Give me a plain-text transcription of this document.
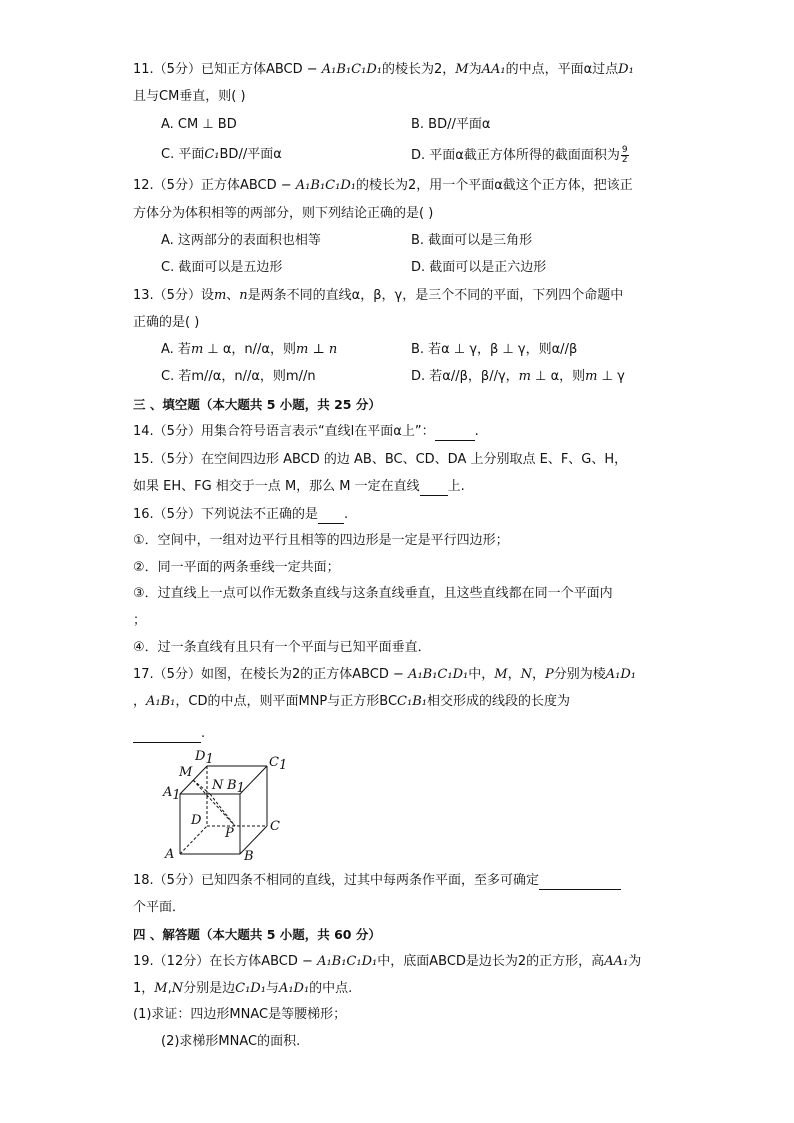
11.（5分）已知正方体ABCD − A₁B₁C₁D₁的棱长为2，M为AA₁的中点，平面α过点D₁
且与CM垂直，则( )
A. CM ⊥ BD	B. BD//平面α
C. 平面C₁BD//平面α	D. 平面α截正方体所得的截面面积为 $\frac{9}{2}$
12.（5分）正方体ABCD − A₁B₁C₁D₁的棱长为2，用一个平面α截这个正方体，把该正
方体分为体积相等的两部分，则下列结论正确的是( )
A. 这两部分的表面积也相等	B. 截面可以是三角形
C. 截面可以是五边形	D. 截面可以是正六边形
13.（5分）设m、n是两条不同的直线α，β，γ，是三个不同的平面，下列四个命题中
正确的是( )
A. 若m ⊥ α，n//α，则m ⊥ n	B. 若α ⊥ γ，β ⊥ γ，则α//β
C. 若m//α，n//α，则m//n	D. 若α//β，β//γ，m ⊥ α，则m ⊥ γ
三 、填空题（本大题共 5 小题，共 25 分）
14.（5分）用集合符号语言表示“直线l在平面α上”：	.
15.（5分）在空间四边形 ABCD 的边 AB、BC、CD、DA 上分别取点 E、F、G、H，
如果 EH、FG 相交于一点 M，那么 M 一定在直线 上.
16.（5分）下列说法不正确的是 .
①．空间中，一组对边平行且相等的四边形是一定是平行四边形；
②．同一平面的两条垂线一定共面；
③．过直线上一点可以作无数条直线与这条直线垂直，且这些直线都在同一个平面内
；
④．过一条直线有且只有一个平面与已知平面垂直．
17.（5分）如图，在棱长为2的正方体ABCD − A₁B₁C₁D₁中，M，N，P分别为棱A₁D₁
，A₁B₁，CD的中点，则平面MNP与正方形BCC₁B₁相交形成的线段的长度为
.
D1
M
N B1
C1
A1
D
P	C
A	B
18.（5分）已知四条不相同的直线，过其中每两条作平面，至多可确定
个平面．
四 、解答题（本大题共 5 小题，共 60 分）
19.（12分）在长方体ABCD − A₁B₁C₁D₁中，底面ABCD是边长为2的正方形，高AA₁为
1，M,N分别是边C₁D₁与A₁D₁的中点.
(1)求证：四边形MNAC是等腰梯形；
(2)求梯形MNAC的面积.
